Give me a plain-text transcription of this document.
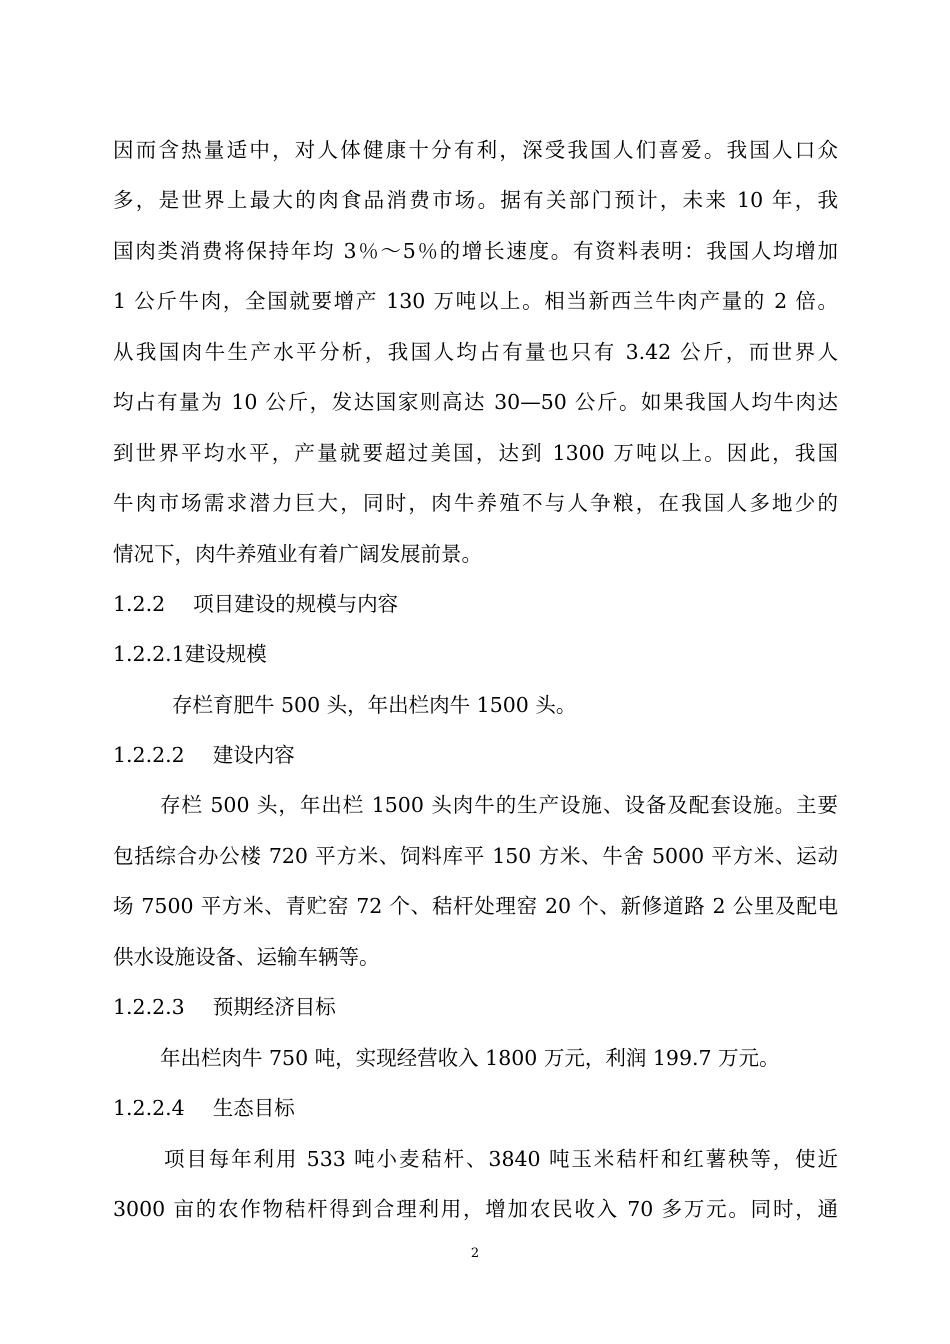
因而含热量适中，对人体健康十分有利，深受我国人们喜爱。我国人口众
多，是世界上最大的肉食品消费市场。据有关部门预计，未来 10 年，我
国肉类消费将保持年均 3％～5％的增长速度。有资料表明：我国人均增加
1 公斤牛肉，全国就要增产 130 万吨以上。相当新西兰牛肉产量的 2 倍。
从我国肉牛生产水平分析，我国人均占有量也只有 3.42 公斤，而世界人
均占有量为 10 公斤，发达国家则高达 30—50 公斤。如果我国人均牛肉达
到世界平均水平，产量就要超过美国，达到 1300 万吨以上。因此，我国
牛肉市场需求潜力巨大，同时，肉牛养殖不与人争粮，在我国人多地少的
情况下，肉牛养殖业有着广阔发展前景。
1.2.2 项目建设的规模与内容
1.2.2.1建设规模
存栏育肥牛 500 头，年出栏肉牛 1500 头。
1.2.2.2 建设内容
存栏 500 头，年出栏 1500 头肉牛的生产设施、设备及配套设施。主要
包括综合办公楼 720 平方米、饲料库平 150 方米、牛舍 5000 平方米、运动
场 7500 平方米、青贮窑 72 个、秸杆处理窑 20 个、新修道路 2 公里及配电
供水设施设备、运输车辆等。
1.2.2.3 预期经济目标
年出栏肉牛 750 吨，实现经营收入 1800 万元，利润 199.7 万元。
1.2.2.4 生态目标
项目每年利用 533 吨小麦秸杆、3840 吨玉米秸杆和红薯秧等，使近
3000 亩的农作物秸杆得到合理利用，增加农民收入 70 多万元。同时，通
2
